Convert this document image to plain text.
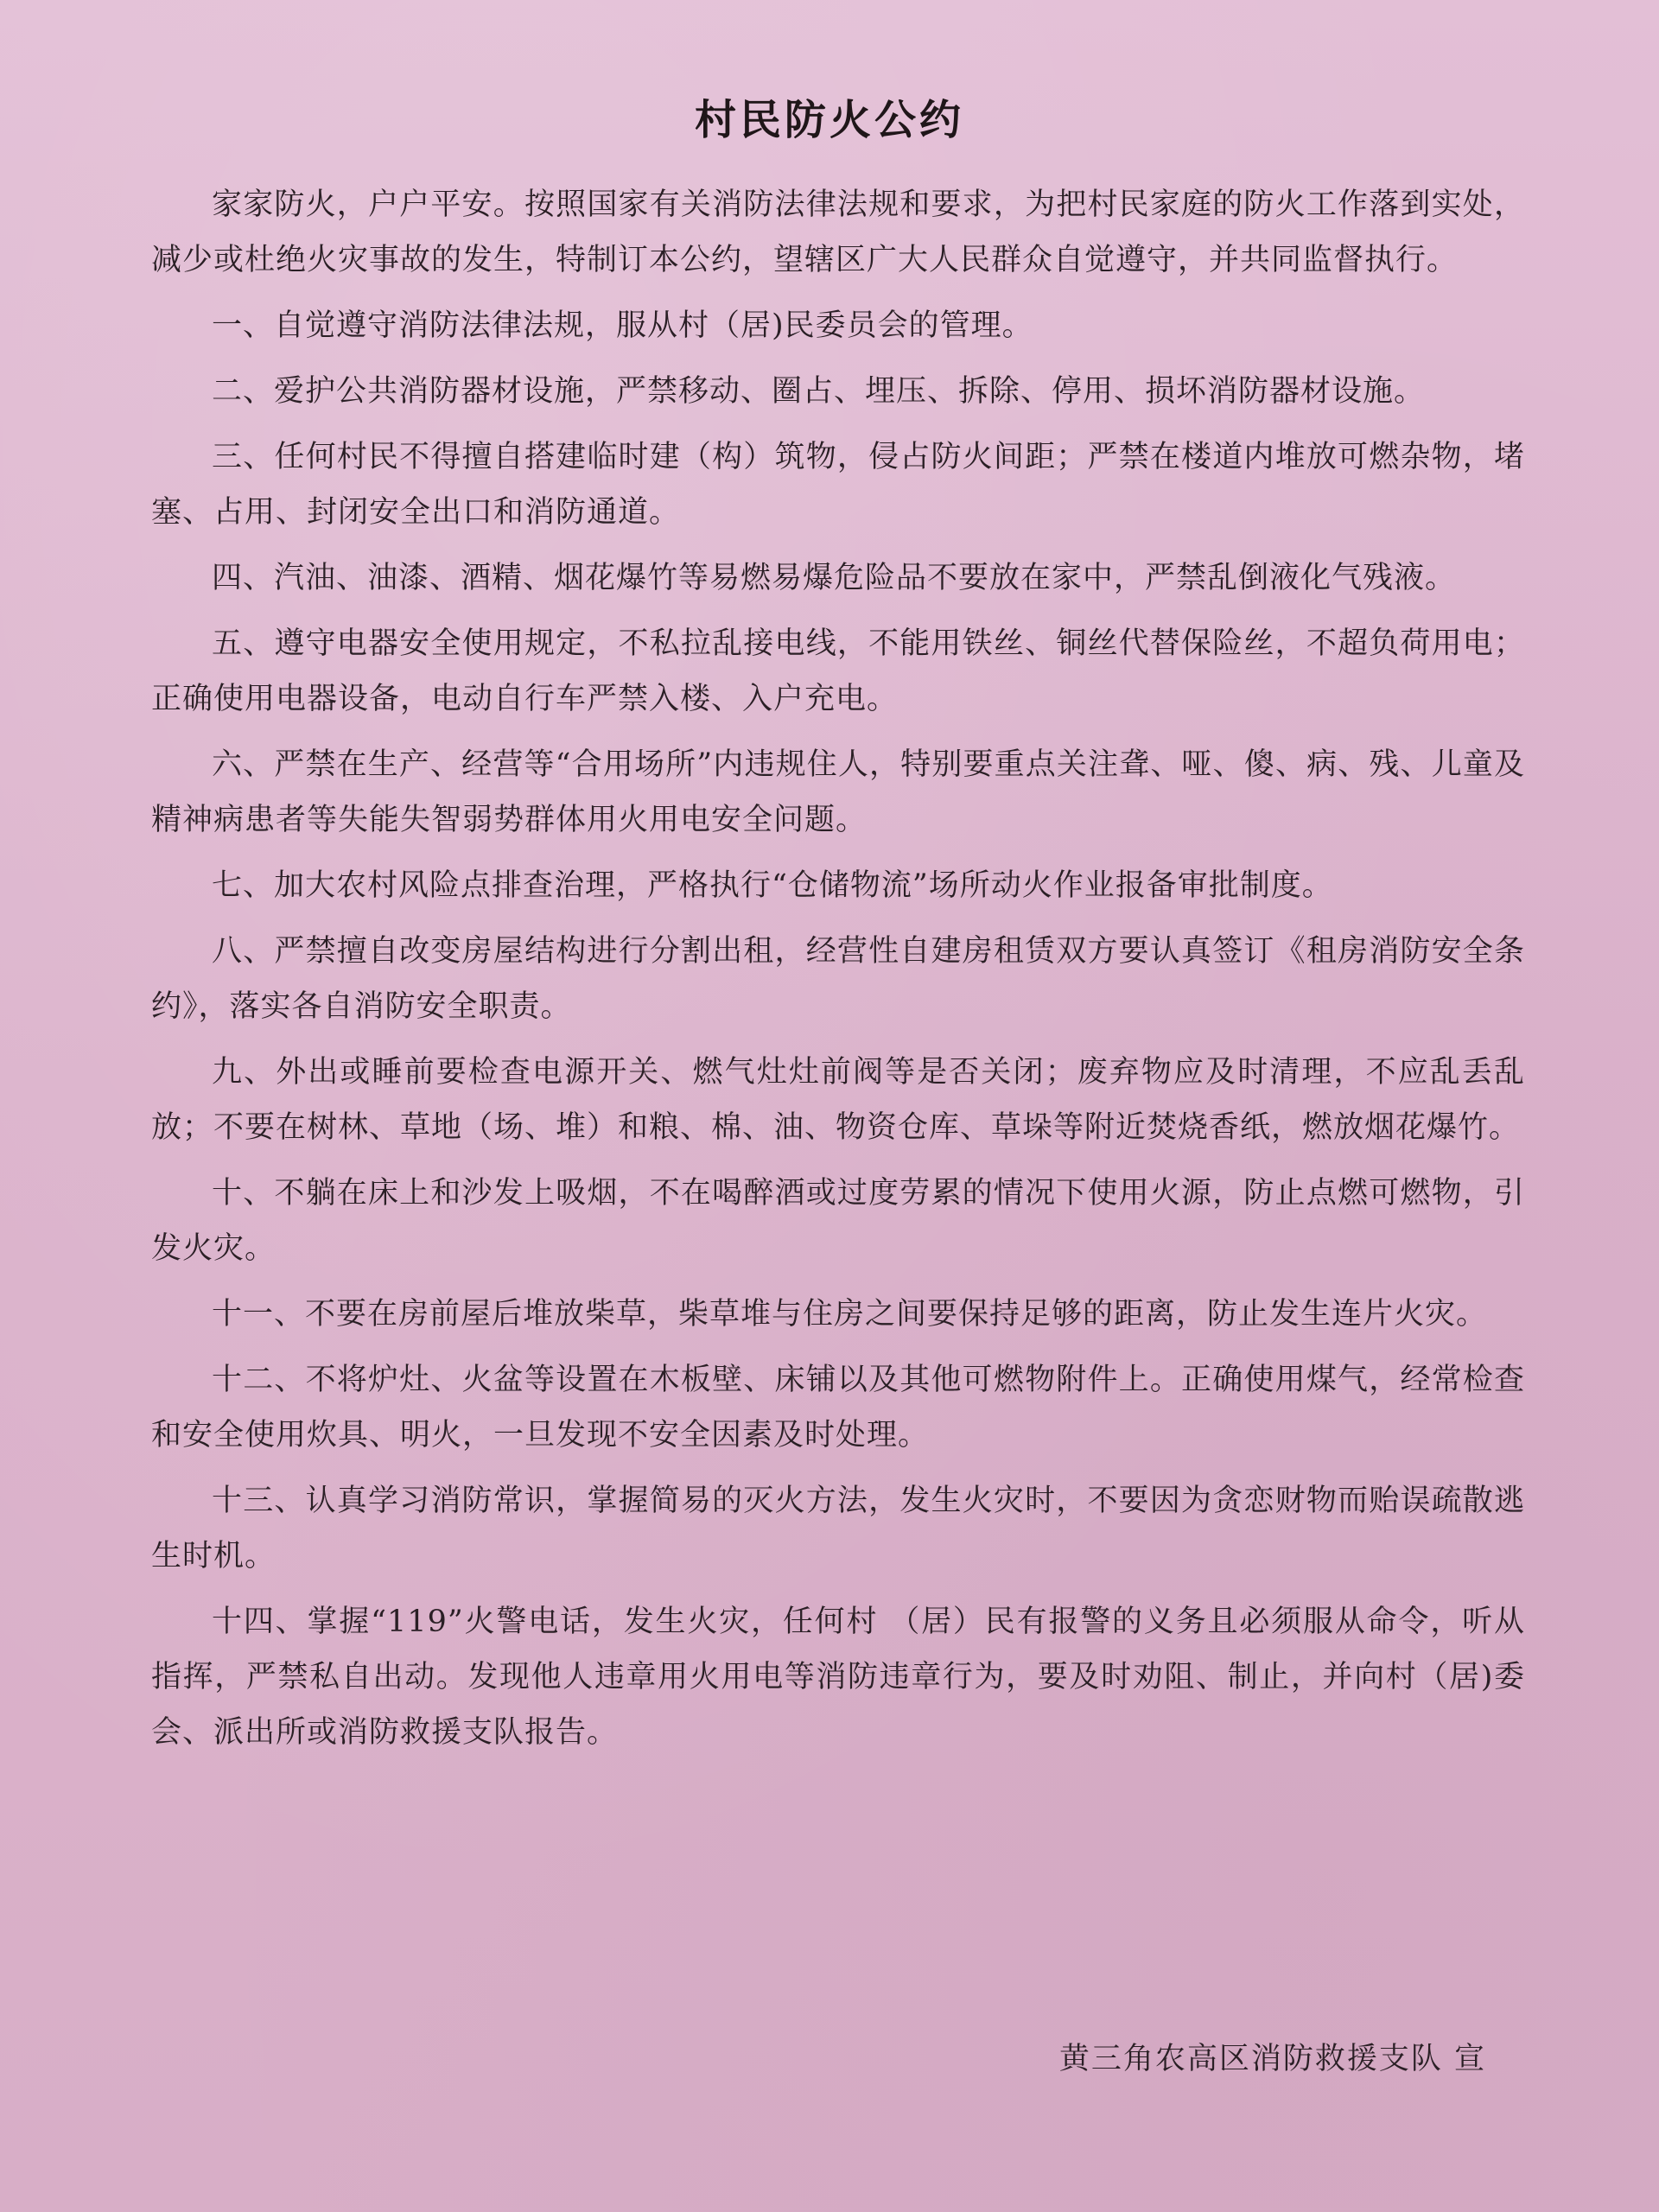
村民防火公约

家家防火，户户平安。按照国家有关消防法律法规和要求，为把村民家庭的防火工作落到实处，减少或杜绝火灾事故的发生，特制订本公约，望辖区广大人民群众自觉遵守，并共同监督执行。

一、自觉遵守消防法律法规，服从村（居)民委员会的管理。

二、爱护公共消防器材设施，严禁移动、圈占、埋压、拆除、停用、损坏消防器材设施。

三、任何村民不得擅自搭建临时建（构）筑物，侵占防火间距；严禁在楼道内堆放可燃杂物，堵塞、占用、封闭安全出口和消防通道。

四、汽油、油漆、酒精、烟花爆竹等易燃易爆危险品不要放在家中，严禁乱倒液化气残液。

五、遵守电器安全使用规定，不私拉乱接电线，不能用铁丝、铜丝代替保险丝，不超负荷用电；正确使用电器设备，电动自行车严禁入楼、入户充电。

六、严禁在生产、经营等“合用场所”内违规住人，特别要重点关注聋、哑、傻、病、残、儿童及精神病患者等失能失智弱势群体用火用电安全问题。

七、加大农村风险点排查治理，严格执行“仓储物流”场所动火作业报备审批制度。

八、严禁擅自改变房屋结构进行分割出租，经营性自建房租赁双方要认真签订《租房消防安全条约》，落实各自消防安全职责。

九、外出或睡前要检查电源开关、燃气灶灶前阀等是否关闭；废弃物应及时清理，不应乱丢乱放；不要在树林、草地（场、堆）和粮、棉、油、物资仓库、草垛等附近焚烧香纸，燃放烟花爆竹。

十、不躺在床上和沙发上吸烟，不在喝醉酒或过度劳累的情况下使用火源，防止点燃可燃物，引发火灾。

十一、不要在房前屋后堆放柴草，柴草堆与住房之间要保持足够的距离，防止发生连片火灾。

十二、不将炉灶、火盆等设置在木板壁、床铺以及其他可燃物附件上。正确使用煤气，经常检查和安全使用炊具、明火，一旦发现不安全因素及时处理。

十三、认真学习消防常识，掌握简易的灭火方法，发生火灾时，不要因为贪恋财物而贻误疏散逃生时机。

十四、掌握“119”火警电话，发生火灾，任何村 （居）民有报警的义务且必须服从命令，听从指挥，严禁私自出动。发现他人违章用火用电等消防违章行为，要及时劝阻、制止，并向村（居)委会、派出所或消防救援支队报告。

黄三角农高区消防救援支队 宣
